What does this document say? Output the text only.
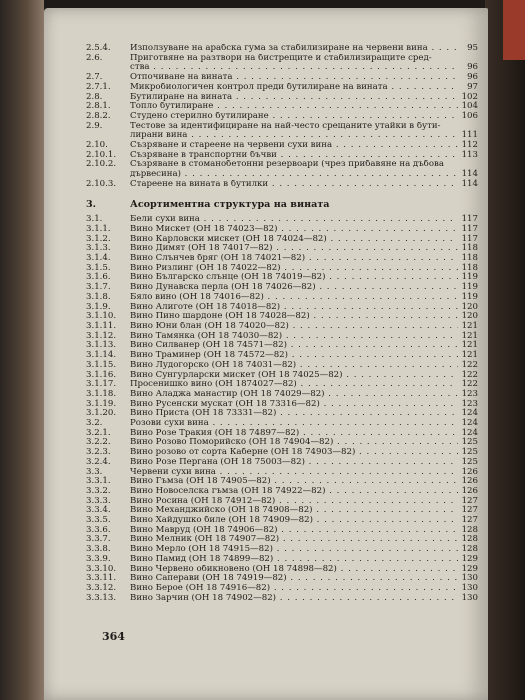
2.5.4.	Използуване на арабска гума за стабилизиране на червени вина . . .	95
2.6.	Приготвяне на разтвори на бистрещите и стабилизиращите сред-
ства . . .	96
2.7.	Отпочиване на вината . . .	96
2.7.1.	Микробиологичен контрол преди бутилиране на вината . . .	97
2.8.	Бутилиране на вината . . .	102
2.8.1.	Топло бутилиране . . .	104
2.8.2.	Студено стерилно бутилиране . . .	106
2.9.	Тестове за идентифициране на най-често срещаните утайки в бути-
лирани вина . . .	111
2.10.	Съзряване и стареене на червени сухи вина . . .	112
2.10.1.	Съзряване в транспортни бъчви . . .	113
2.10.2.	Съзряване в стоманобетонни резервоари (чрез прибавяне на дъбова
дървесина) . . .	114
2.10.3.	Стареене на вината в бутилки . . .	114
3.	Асортиментна структура на вината
3.1.	Бели сухи вина . . .	117
3.1.1.	Вино Мискет (ОН 18 74023—82) . . .	117
3.1.2.	Вино Карловски мискет (ОН 18 74024—82) . . .	117
3.1.3.	Вино Димят (ОН 18 74017—82) . . .	118
3.1.4.	Вино Слънчев бряг (ОН 18 74021—82) . . .	118
3.1.5.	Вино Ризлинг (ОН 18 74022—82) . . .	118
3.1.6.	Вино Българско слънце (ОН 18 74019—82) . . .	119
3.1.7.	Вино Дунавска перла (ОН 18 74026—82) . . .	119
3.1.8.	Бяло вино (ОН 18 74016—82) . . .	119
3.1.9.	Вино Алиготе (ОН 18 74018—82) . . .	120
3.1.10.	Вино Пино шардоне (ОН 18 74028—82) . . .	120
3.1.11.	Вино Юни блан (ОН 18 74020—82) . . .	121
3.1.12.	Вино Тамянка (ОН 18 74030—82) . . .	121
3.1.13.	Вино Силванер (ОН 18 74571—82) . . .	121
3.1.14.	Вино Траминер (ОН 18 74572—82) . . .	121
3.1.15.	Вино Лудогорско (ОН 18 74031—82) . . .	122
3.1.16.	Вино Сунгурларски мискет (ОН 18 74025—82) . . .	122
3.1.17.	Просенишко вино (ОН 1874027—82) . . .	122
3.1.18.	Вино Аладжа манастир (ОН 18 74029—82) . . .	123
3.1.19.	Вино Русенски мускат (ОН 18 73316—82) . . .	123
3.1.20.	Вино Приста (ОН 18 73331—82) . . .	124
3.2.	Розови сухи вина . . .	124
3.2.1.	Вино Розе Тракия (ОН 18 74897—82) . . .	124
3.2.2.	Вино Розово Поморийско (ОН 18 74904—82) . . .	125
3.2.3.	Вино розово от сорта Каберне (ОН 18 74903—82) . . .	125
3.2.4.	Вино Розе Пергана (ОН 18 75003—82) . . .	125
3.3.	Червени сухи вина . . .	126
3.3.1.	Вино Гъмза (ОН 18 74905—82) . . .	126
3.3.2.	Вино Новоселска гъмза (ОН 18 74922—82) . . .	126
3.3.3.	Вино Росина (ОН 18 74912—82) . . .	127
3.3.4.	Вино Механджийско (ОН 18 74908—82) . . .	127
3.3.5.	Вино Хайдушко биле (ОН 18 74909—82) . . .	127
3.3.6.	Вино Мавруд (ОН 18 74906—82) . . .	128
3.3.7.	Вино Мелник (ОН 18 74907—82) . . .	128
3.3.8.	Вино Мерло (ОН 18 74915—82) . . .	128
3.3.9.	Вино Памид (ОН 18 74899—82) . . .	129
3.3.10.	Вино Червено обикновено (ОН 18 74898—82) . . .	129
3.3.11.	Вино Саперави (ОН 18 74919—82) . . .	130
3.3.12.	Вино Берое (ОН 18 74916—82) . . .	130
3.3.13.	Вино Зарчин (ОН 18 74902—82) . . .	130
364
